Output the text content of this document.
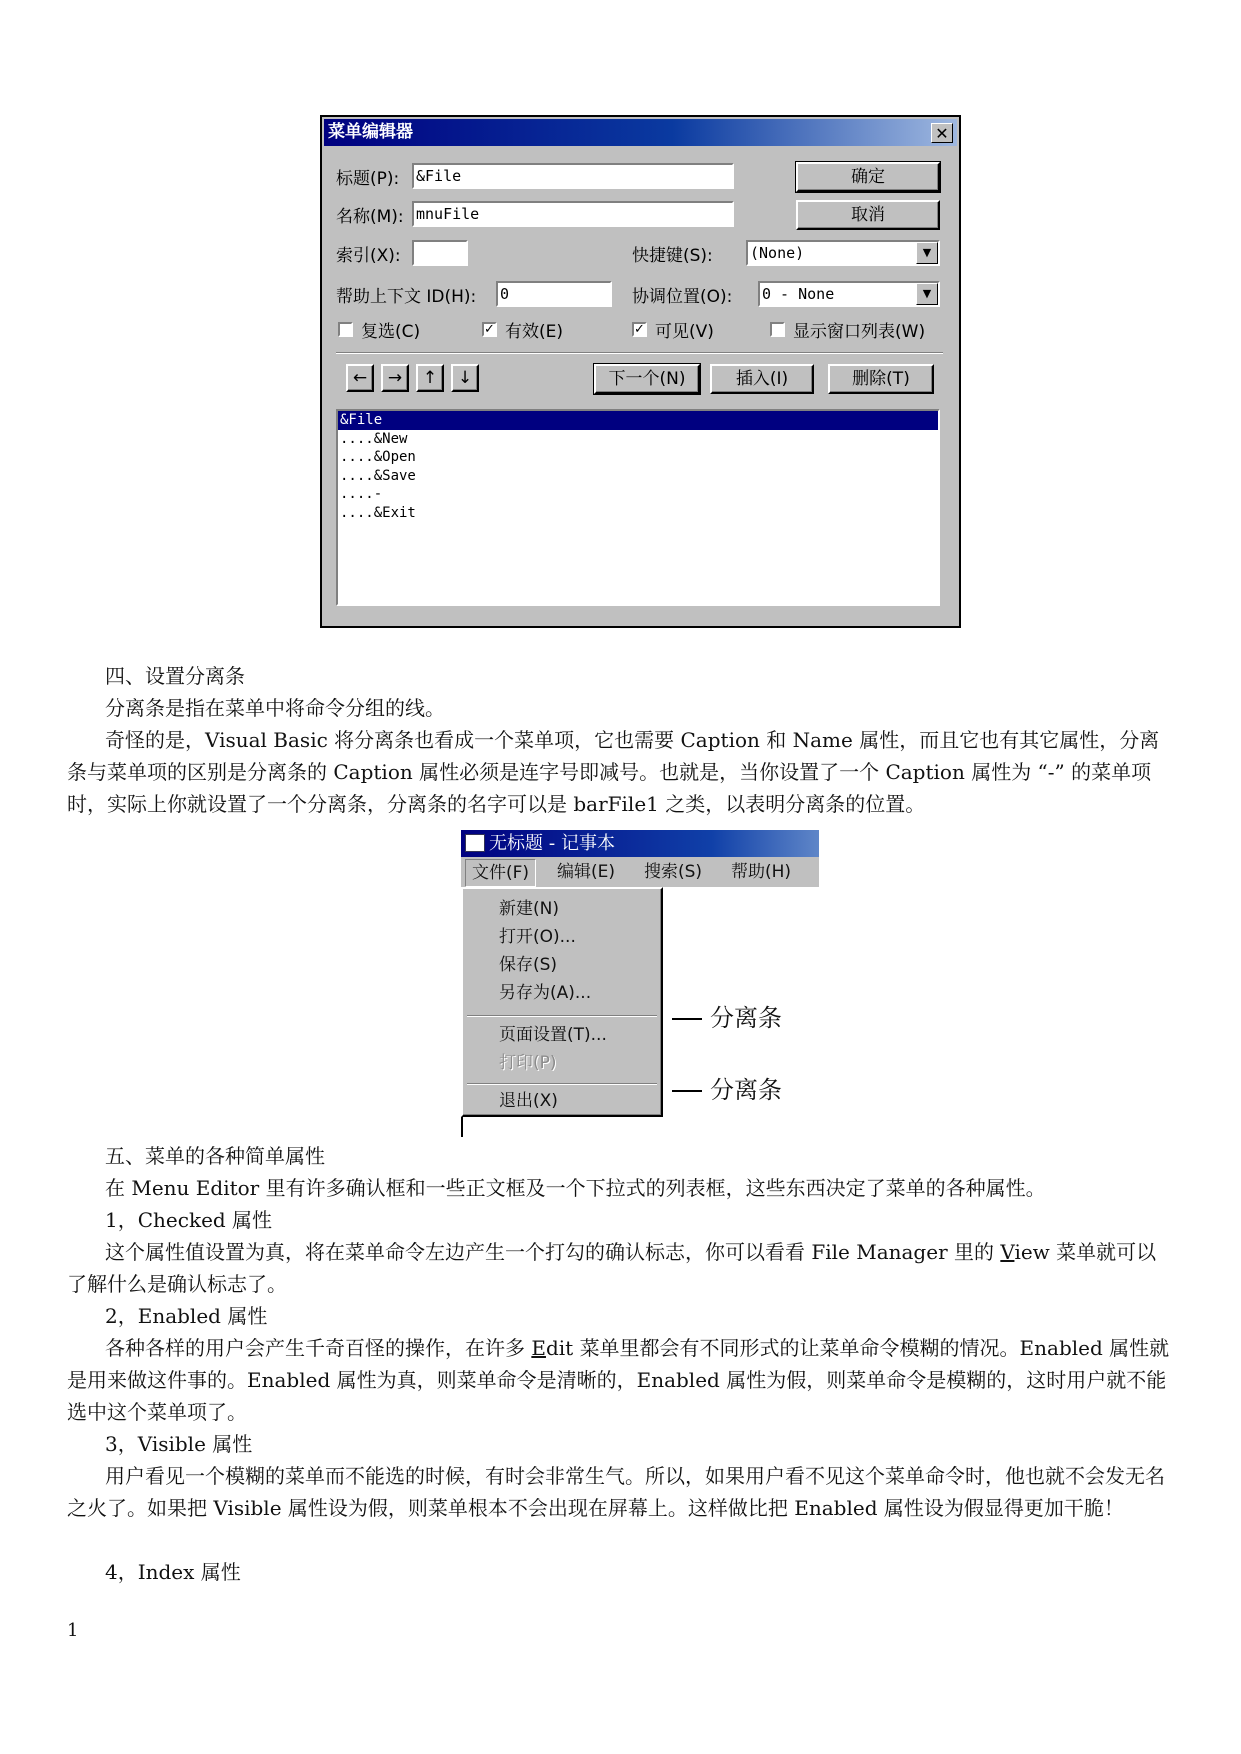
菜单编辑器	✕
标题(P): &File	确定
名称(M): mnuFile	取消
索引(X):	快捷键(S): (None)	▼
帮助上下文 ID(H): 0	协调位置(O): 0 - None	▼
复选(C)	✓ 有效(E)	✓ 可见(V)	显示窗口列表(W)
←	→	↑	↓	下一个(N)	插入(I)	删除(T)
&File
....&New
....&Open
....&Save
....-
....&Exit
四、设置分离条
分离条是指在菜单中将命令分组的线。
奇怪的是，Visual Basic 将分离条也看成一个菜单项，它也需要 Caption 和 Name 属性，而且它也有其它属性，分离条与菜单项的区别是分离条的 Caption 属性必须是连字号即减号。也就是，当你设置了一个 Caption 属性为 “-” 的菜单项时，实际上你就设置了一个分离条，分离条的名字可以是 barFile1 之类，以表明分离条的位置。
无标题 - 记事本
文件(F)	编辑(E) 搜索(S) 帮助(H)
新建(N)
打开(O)...
保存(S)
另存为(A)...
页面设置(T)...
打印(P)
退出(X)
分离条
分离条
五、菜单的各种简单属性
在 Menu Editor 里有许多确认框和一些正文框及一个下拉式的列表框，这些东西决定了菜单的各种属性。
1，Checked 属性
这个属性值设置为真，将在菜单命令左边产生一个打勾的确认标志，你可以看看 File Manager 里的 View 菜单就可以了解什么是确认标志了。
2，Enabled 属性
各种各样的用户会产生千奇百怪的操作，在许多 Edit 菜单里都会有不同形式的让菜单命令模糊的情况。Enabled 属性就是用来做这件事的。Enabled 属性为真，则菜单命令是清晰的，Enabled 属性为假，则菜单命令是模糊的，这时用户就不能选中这个菜单项了。
3，Visible 属性
用户看见一个模糊的菜单而不能选的时候，有时会非常生气。所以，如果用户看不见这个菜单命令时，他也就不会发无名之火了。如果把 Visible 属性设为假，则菜单根本不会出现在屏幕上。这样做比把 Enabled 属性设为假显得更加干脆！
4，Index 属性
1
